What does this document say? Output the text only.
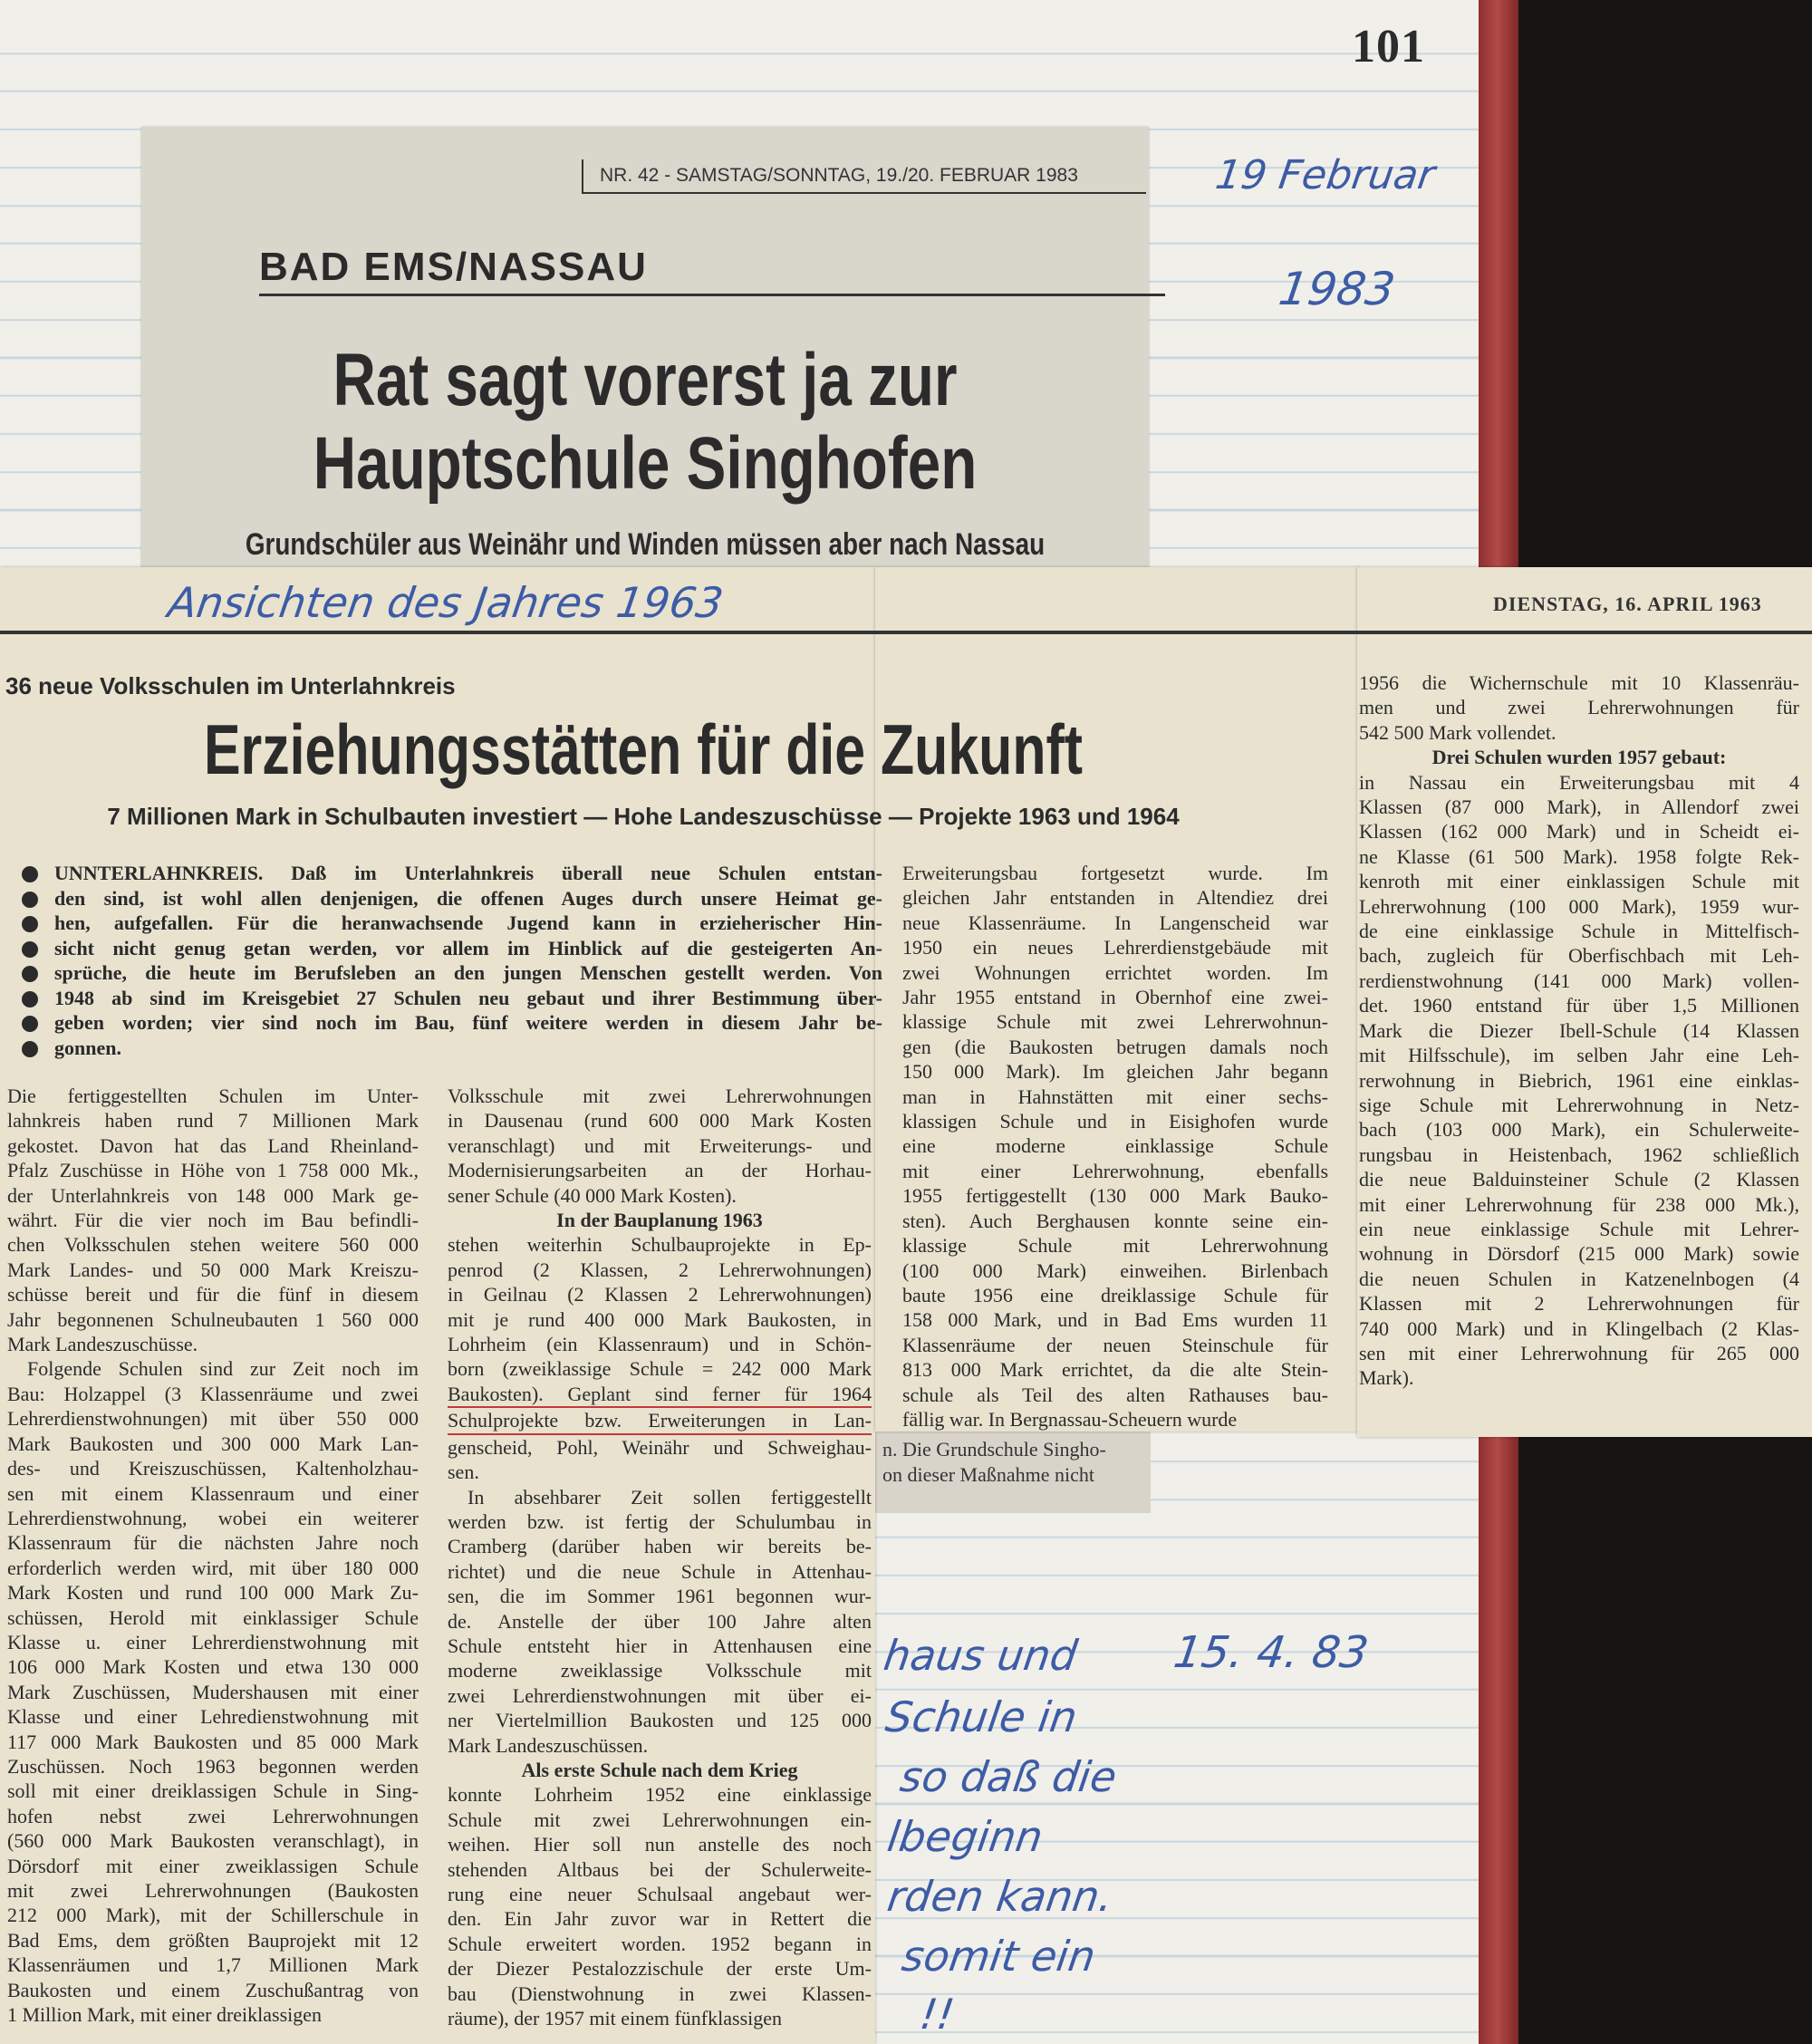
101
19 Februar
1983
NR. 42 - SAMSTAG/SONNTAG, 19./20. FEBRUAR 1983
BAD EMS/NASSAU
Rat sagt vorerst ja zur
Hauptschule Singhofen
Grundschüler aus Weinähr und Winden müssen aber nach Nassau

n. Die Grundschule Singho-

on dieser Maßnahme nicht

Ansichten des Jahres 1963	DIENSTAG, 16. APRIL 1963
36 neue Volksschulen im Unterlahnkreis
Erziehungsstätten für die Zukunft
7 Millionen Mark in Schulbauten investiert — Hohe Landeszuschüsse — Projekte 1963 und 1964
UNNTERLAHNKREIS. Daß im Unterlahnkreis überall neue Schulen entstan-
den sind, ist wohl allen denjenigen, die offenen Auges durch unsere Heimat ge-
hen, aufgefallen. Für die heranwachsende Jugend kann in erzieherischer Hin-
sicht nicht genug getan werden, vor allem im Hinblick auf die gesteigerten An-
sprüche, die heute im Berufsleben an den jungen Menschen gestellt werden. Von
1948 ab sind im Kreisgebiet 27 Schulen neu gebaut und ihrer Bestimmung über-
geben worden; vier sind noch im Bau, fünf weitere werden in diesem Jahr be-
gonnen.
Die fertiggestellten Schulen im Unter-
lahnkreis haben rund 7 Millionen Mark
gekostet. Davon hat das Land Rheinland-
Pfalz Zuschüsse in Höhe von 1 758 000 Mk.,
der Unterlahnkreis von 148 000 Mark ge-
währt. Für die vier noch im Bau befindli-
chen Volksschulen stehen weitere 560 000
Mark Landes- und 50 000 Mark Kreiszu-
schüsse bereit und für die fünf in diesem
Jahr begonnenen Schulneubauten 1 560 000
Mark Landeszuschüsse.
Folgende Schulen sind zur Zeit noch im
Bau: Holzappel (3 Klassenräume und zwei
Lehrerdienstwohnungen) mit über 550 000
Mark Baukosten und 300 000 Mark Lan-
des- und Kreiszuschüssen, Kaltenholzhau-
sen mit einem Klassenraum und einer
Lehrerdienstwohnung, wobei ein weiterer
Klassenraum für die nächsten Jahre noch
erforderlich werden wird, mit über 180 000
Mark Kosten und rund 100 000 Mark Zu-
schüssen, Herold mit einklassiger Schule
Klasse u. einer Lehrerdienstwohnung mit
106 000 Mark Kosten und etwa 130 000
Mark Zuschüssen, Mudershausen mit einer
Klasse und einer Lehredienstwohnung mit
117 000 Mark Baukosten und 85 000 Mark
Zuschüssen. Noch 1963 begonnen werden
soll mit einer dreiklassigen Schule in Sing-
hofen nebst zwei Lehrerwohnungen
(560 000 Mark Baukosten veranschlagt), in
Dörsdorf mit einer zweiklassigen Schule
mit zwei Lehrerwohnungen (Baukosten
212 000 Mark), mit der Schillerschule in
Bad Ems, dem größten Bauprojekt mit 12
Klassenräumen und 1,7 Millionen Mark
Baukosten und einem Zuschußantrag von
1 Million Mark, mit einer dreiklassigen
Volksschule mit zwei Lehrerwohnungen
in Dausenau (rund 600 000 Mark Kosten
veranschlagt) und mit Erweiterungs- und
Modernisierungsarbeiten an der Horhau-
sener Schule (40 000 Mark Kosten).
In der Bauplanung 1963
stehen weiterhin Schulbauprojekte in Ep-
penrod (2 Klassen, 2 Lehrerwohnungen)
in Geilnau (2 Klassen 2 Lehrerwohnungen)
mit je rund 400 000 Mark Baukosten, in
Lohrheim (ein Klassenraum) und in Schön-
born (zweiklassige Schule = 242 000 Mark
Baukosten). Geplant sind ferner für 1964
Schulprojekte bzw. Erweiterungen in Lan-
genscheid, Pohl, Weinähr und Schweighau-
sen.
In absehbarer Zeit sollen fertiggestellt
werden bzw. ist fertig der Schulumbau in
Cramberg (darüber haben wir bereits be-
richtet) und die neue Schule in Attenhau-
sen, die im Sommer 1961 begonnen wur-
de. Anstelle der über 100 Jahre alten
Schule entsteht hier in Attenhausen eine
moderne zweiklassige Volksschule mit
zwei Lehrerdienstwohnungen mit über ei-
ner Viertelmillion Baukosten und 125 000
Mark Landeszuschüssen.
Als erste Schule nach dem Krieg
konnte Lohrheim 1952 eine einklassige
Schule mit zwei Lehrerwohnungen ein-
weihen. Hier soll nun anstelle des noch
stehenden Altbaus bei der Schulerweite-
rung eine neuer Schulsaal angebaut wer-
den. Ein Jahr zuvor war in Rettert die
Schule erweitert worden. 1952 begann in
der Diezer Pestalozzischule der erste Um-
bau (Dienstwohnung in zwei Klassen-
räume), der 1957 mit einem fünfklassigen
Erweiterungsbau fortgesetzt wurde. Im
gleichen Jahr entstanden in Altendiez drei
neue Klassenräume. In Langenscheid war
1950 ein neues Lehrerdienstgebäude mit
zwei Wohnungen errichtet worden. Im
Jahr 1955 entstand in Obernhof eine zwei-
klassige Schule mit zwei Lehrerwohnun-
gen (die Baukosten betrugen damals noch
150 000 Mark). Im gleichen Jahr begann
man in Hahnstätten mit einer sechs-
klassigen Schule und in Eisighofen wurde
eine moderne einklassige Schule
mit einer Lehrerwohnung, ebenfalls
1955 fertiggestellt (130 000 Mark Bauko-
sten). Auch Berghausen konnte seine ein-
klassige Schule mit Lehrerwohnung
(100 000 Mark) einweihen. Birlenbach
baute 1956 eine dreiklassige Schule für
158 000 Mark, und in Bad Ems wurden 11
Klassenräume der neuen Steinschule für
813 000 Mark errichtet, da die alte Stein-
schule als Teil des alten Rathauses bau-
fällig war. In Bergnassau-Scheuern wurde
1956 die Wichernschule mit 10 Klassenräu-
men und zwei Lehrerwohnungen für
542 500 Mark vollendet.
Drei Schulen wurden 1957 gebaut:
in Nassau ein Erweiterungsbau mit 4
Klassen (87 000 Mark), in Allendorf zwei
Klassen (162 000 Mark) und in Scheidt ei-
ne Klasse (61 500 Mark). 1958 folgte Rek-
kenroth mit einer einklassigen Schule mit
Lehrerwohnung (100 000 Mark), 1959 wur-
de eine einklassige Schule in Mittelfisch-
bach, zugleich für Oberfischbach mit Leh-
rerdienstwohnung (141 000 Mark) vollen-
det. 1960 entstand für über 1,5 Millionen
Mark die Diezer Ibell-Schule (14 Klassen
mit Hilfsschule), im selben Jahr eine Leh-
rerwohnung in Biebrich, 1961 eine einklas-
sige Schule mit Lehrerwohnung in Netz-
bach (103 000 Mark), ein Schulerweite-
rungsbau in Heistenbach, 1962 schließlich
die neue Balduinsteiner Schule (2 Klassen
mit einer Lehrerwohnung für 238 000 Mk.),
ein neue einklassige Schule mit Lehrer-
wohnung in Dörsdorf (215 000 Mark) sowie
die neuen Schulen in Katzenelnbogen (4
Klassen mit 2 Lehrerwohnungen für
740 000 Mark) und in Klingelbach (2 Klas-
sen mit einer Lehrerwohnung für 265 000
Mark).
15. 4. 83
haus und
Schule in
so daß die
lbeginn
rden kann.
somit ein
!!
